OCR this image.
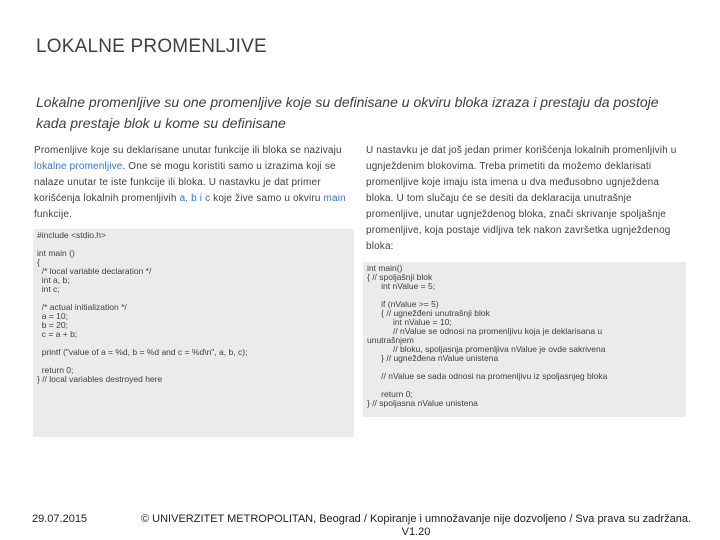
LOKALNE PROMENLJIVE
Lokalne promenljive su one promenljive koje su definisane u okviru bloka izraza i prestaju da postoje kada prestaje blok u kome su definisane
Promenljive koje su deklarisane unutar funkcije ili bloka se nazivaju lokalne promenljive. One se mogu koristiti samo u izrazima koji se nalaze unutar te iste funkcije ili bloka. U nastavku je dat primer korišćenja lokalnih promenljivih a, b i c koje žive samo u okviru main funkcije.
#include <stdio.h>
int main ()
{
/* local variable declaration */
int a, b;
int c;
/* actual initialization */
a = 10;
b = 20;
c = a + b;
printf ("value of a = %d, b = %d and c = %d\n", a, b, c);
return 0;
} // local variables destroyed here
U nastavku je dat još jedan primer korišćenja lokalnih promenljivih u ugnježdenim blokovima. Treba primetiti da možemo deklarisati promenljive koje imaju ista imena u dva međusobno ugnježdena bloka. U tom slučaju će se desiti da deklaracija unutrašnje promenljive, unutar ugnježdenog bloka, znači skrivanje spoljašnje promenljive, koja postaje vidljiva tek nakon završetka ugnježdenog bloka:
int main()
{ // spoljašnji blok
int nValue = 5;
if (nValue >= 5)
{ // ugnežđeni unutrašnji blok
int nValue = 10;
// nValue se odnosi na promenljivu koja je deklarisana u
unutrašnjem
// bloku, spoljasnja promenljiva nValue je ovde sakrivena
} // ugnežđena nValue unistena
// nValue se sada odnosi na promenljivu iz spoljasnjeg bloka
return 0;
} // spoljasna nValue unistena
29.07.2015	© UNIVERZITET METROPOLITAN, Beograd / Kopiranje i umnožavanje nije dozvoljeno / Sva prava su zadržana.
V1.20
